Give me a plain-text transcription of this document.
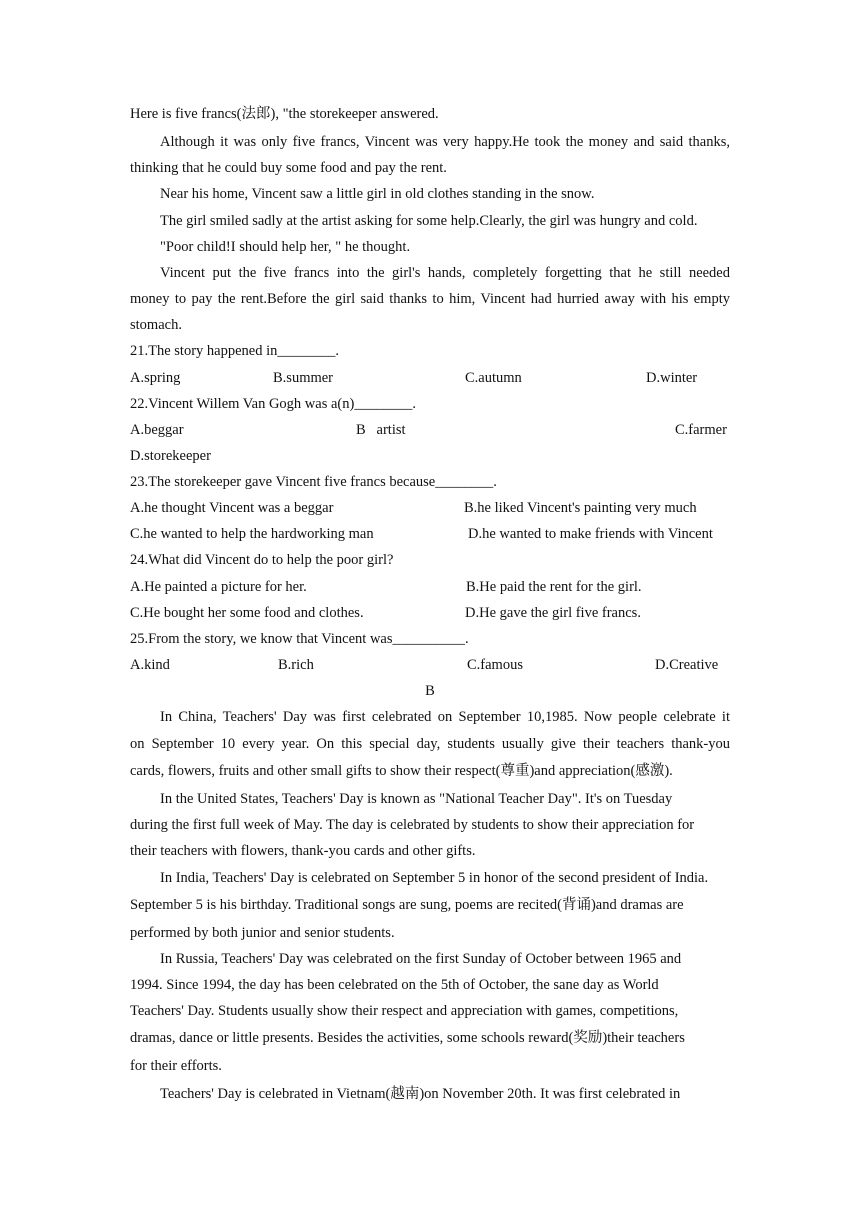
Here is five francs(法郎), "the storekeeper answered.
Although it was only five francs, Vincent was very happy.He took the money and said thanks,
thinking that he could buy some food and pay the rent.
Near his home, Vincent saw a little girl in old clothes standing in the snow.
The girl smiled sadly at the artist asking for some help.Clearly, the girl was hungry and cold.
"Poor child!I should help her, " he thought.
Vincent put the five francs into the girl's hands, completely forgetting that he still needed
money to pay the rent.Before the girl said thanks to him, Vincent had hurried away with his empty
stomach.
21.The story happened in________.
A.spring	B.summer	C.autumn	D.winter
22.Vincent Willem Van Gogh was a(n)________.
A.beggar	B   artist	C.farmer
D.storekeeper
23.The storekeeper gave Vincent five francs because________.
A.he thought Vincent was a beggar	B.he liked Vincent's painting very much
C.he wanted to help the hardworking man	D.he wanted to make friends with Vincent
24.What did Vincent do to help the poor girl?
A.He painted a picture for her.	B.He paid the rent for the girl.
C.He bought her some food and clothes.	D.He gave the girl five francs.
25.From the story, we know that Vincent was__________.
A.kind	B.rich	C.famous	D.Creative
B
In China, Teachers' Day was first celebrated on September 10,1985. Now people celebrate it
on September 10 every year. On this special day, students usually give their teachers thank-you
cards, flowers, fruits and other small gifts to show their respect(尊重)and appreciation(感激).
In the United States, Teachers' Day is known as "National Teacher Day". It's on Tuesday
during the first full week of May. The day is celebrated by students to show their appreciation for
their teachers with flowers, thank-you cards and other gifts.
In India, Teachers' Day is celebrated on September 5 in honor of the second president of India.
September 5 is his birthday. Traditional songs are sung, poems are recited(背诵)and dramas are
performed by both junior and senior students.
In Russia, Teachers' Day was celebrated on the first Sunday of October between 1965 and
1994. Since 1994, the day has been celebrated on the 5th of October, the sane day as World
Teachers' Day. Students usually show their respect and appreciation with games, competitions,
dramas, dance or little presents. Besides the activities, some schools reward(奖励)their teachers
for their efforts.
Teachers' Day is celebrated in Vietnam(越南)on November 20th. It was first celebrated in
